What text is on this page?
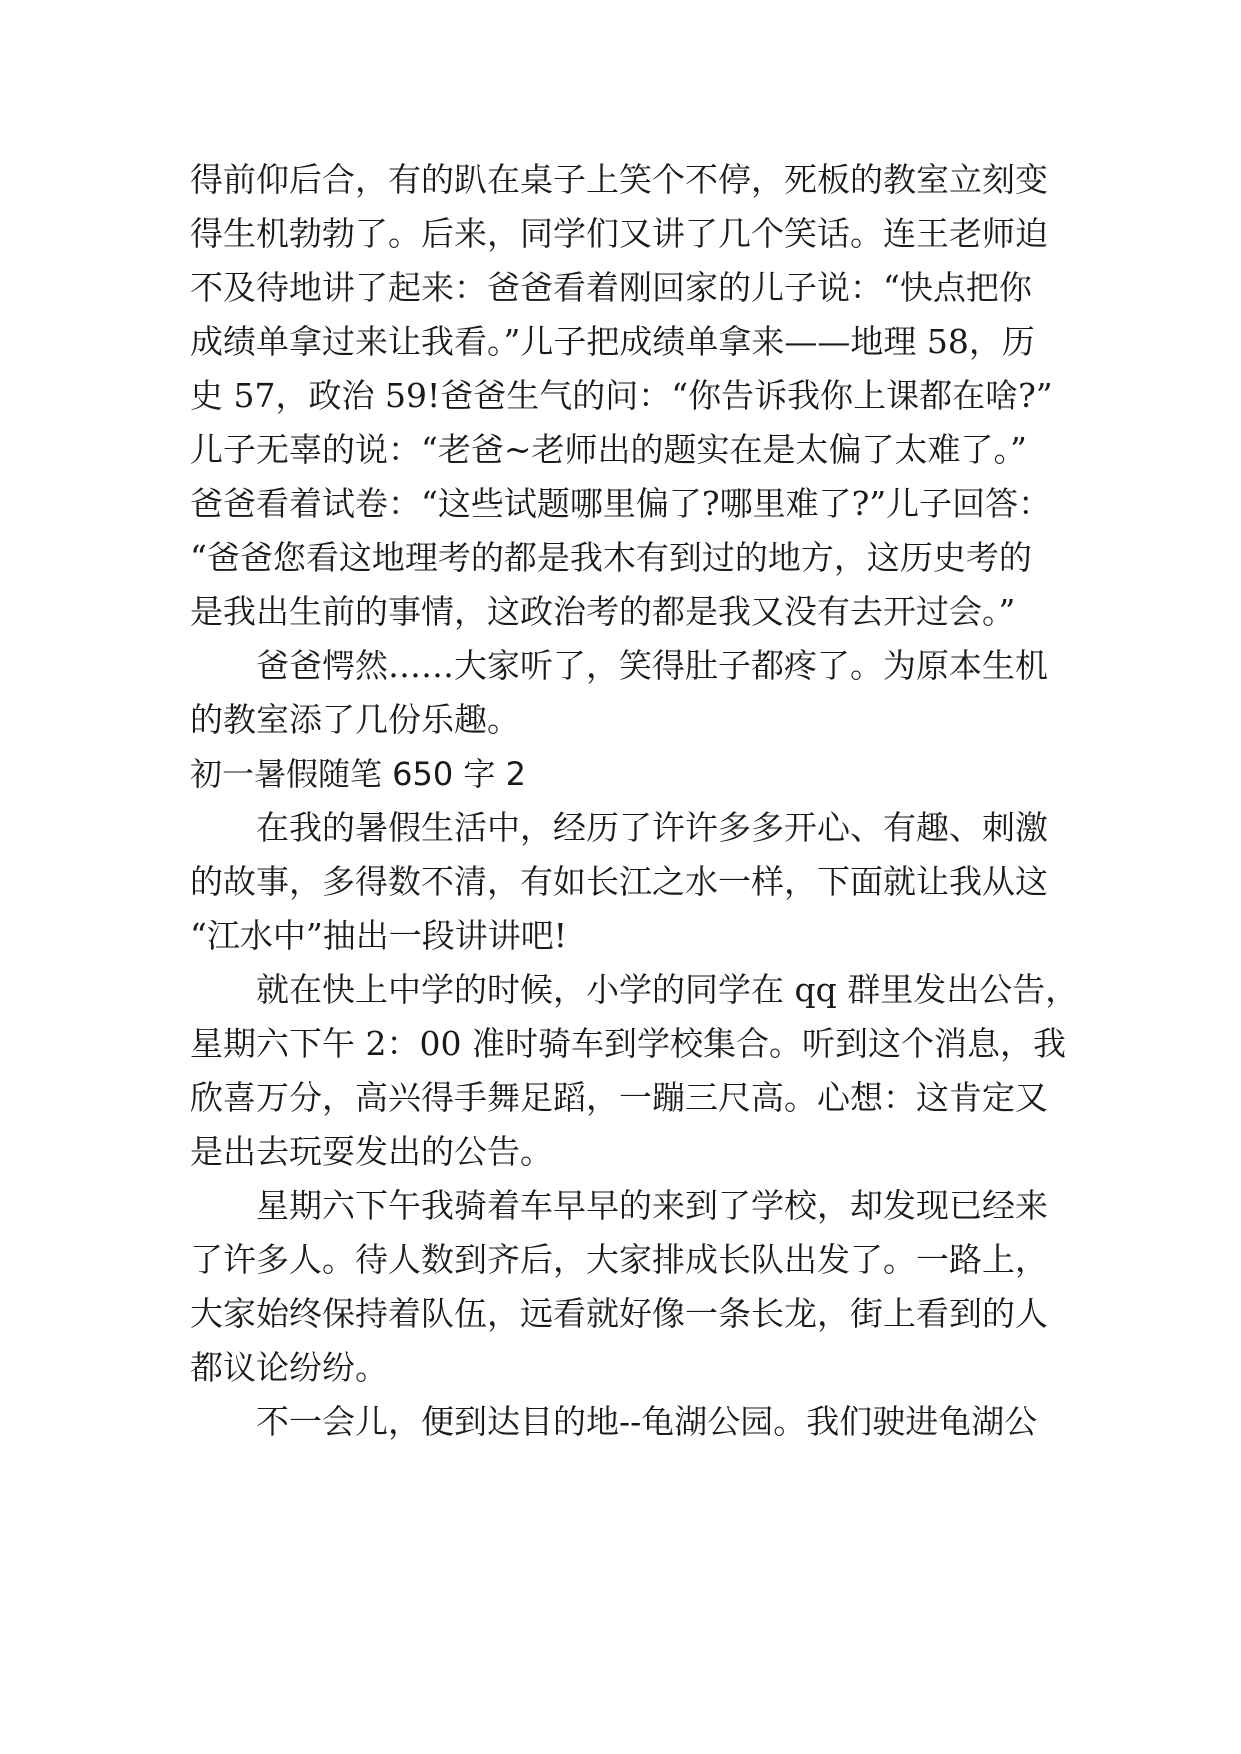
得前仰后合，有的趴在桌子上笑个不停，死板的教室立刻变
得生机勃勃了。后来，同学们又讲了几个笑话。连王老师迫
不及待地讲了起来：爸爸看着刚回家的儿子说：“快点把你
成绩单拿过来让我看。”儿子把成绩单拿来——地理 58，历
史 57，政治 59!爸爸生气的问：“你告诉我你上课都在啥?”
儿子无辜的说：“老爸~老师出的题实在是太偏了太难了。”
爸爸看着试卷：“这些试题哪里偏了?哪里难了?”儿子回答：
“爸爸您看这地理考的都是我木有到过的地方，这历史考的
是我出生前的事情，这政治考的都是我又没有去开过会。”
爸爸愕然……大家听了，笑得肚子都疼了。为原本生机
的教室添了几份乐趣。
初一暑假随笔 650 字 2
在我的暑假生活中，经历了许许多多开心、有趣、刺激
的故事，多得数不清，有如长江之水一样，下面就让我从这
“江水中”抽出一段讲讲吧!
就在快上中学的时候，小学的同学在 qq 群里发出公告，
星期六下午 2：00 准时骑车到学校集合。听到这个消息，我
欣喜万分，高兴得手舞足蹈，一蹦三尺高。心想：这肯定又
是出去玩耍发出的公告。
星期六下午我骑着车早早的来到了学校，却发现已经来
了许多人。待人数到齐后，大家排成长队出发了。一路上，
大家始终保持着队伍，远看就好像一条长龙，街上看到的人
都议论纷纷。
不一会儿，便到达目的地--龟湖公园。我们驶进龟湖公
